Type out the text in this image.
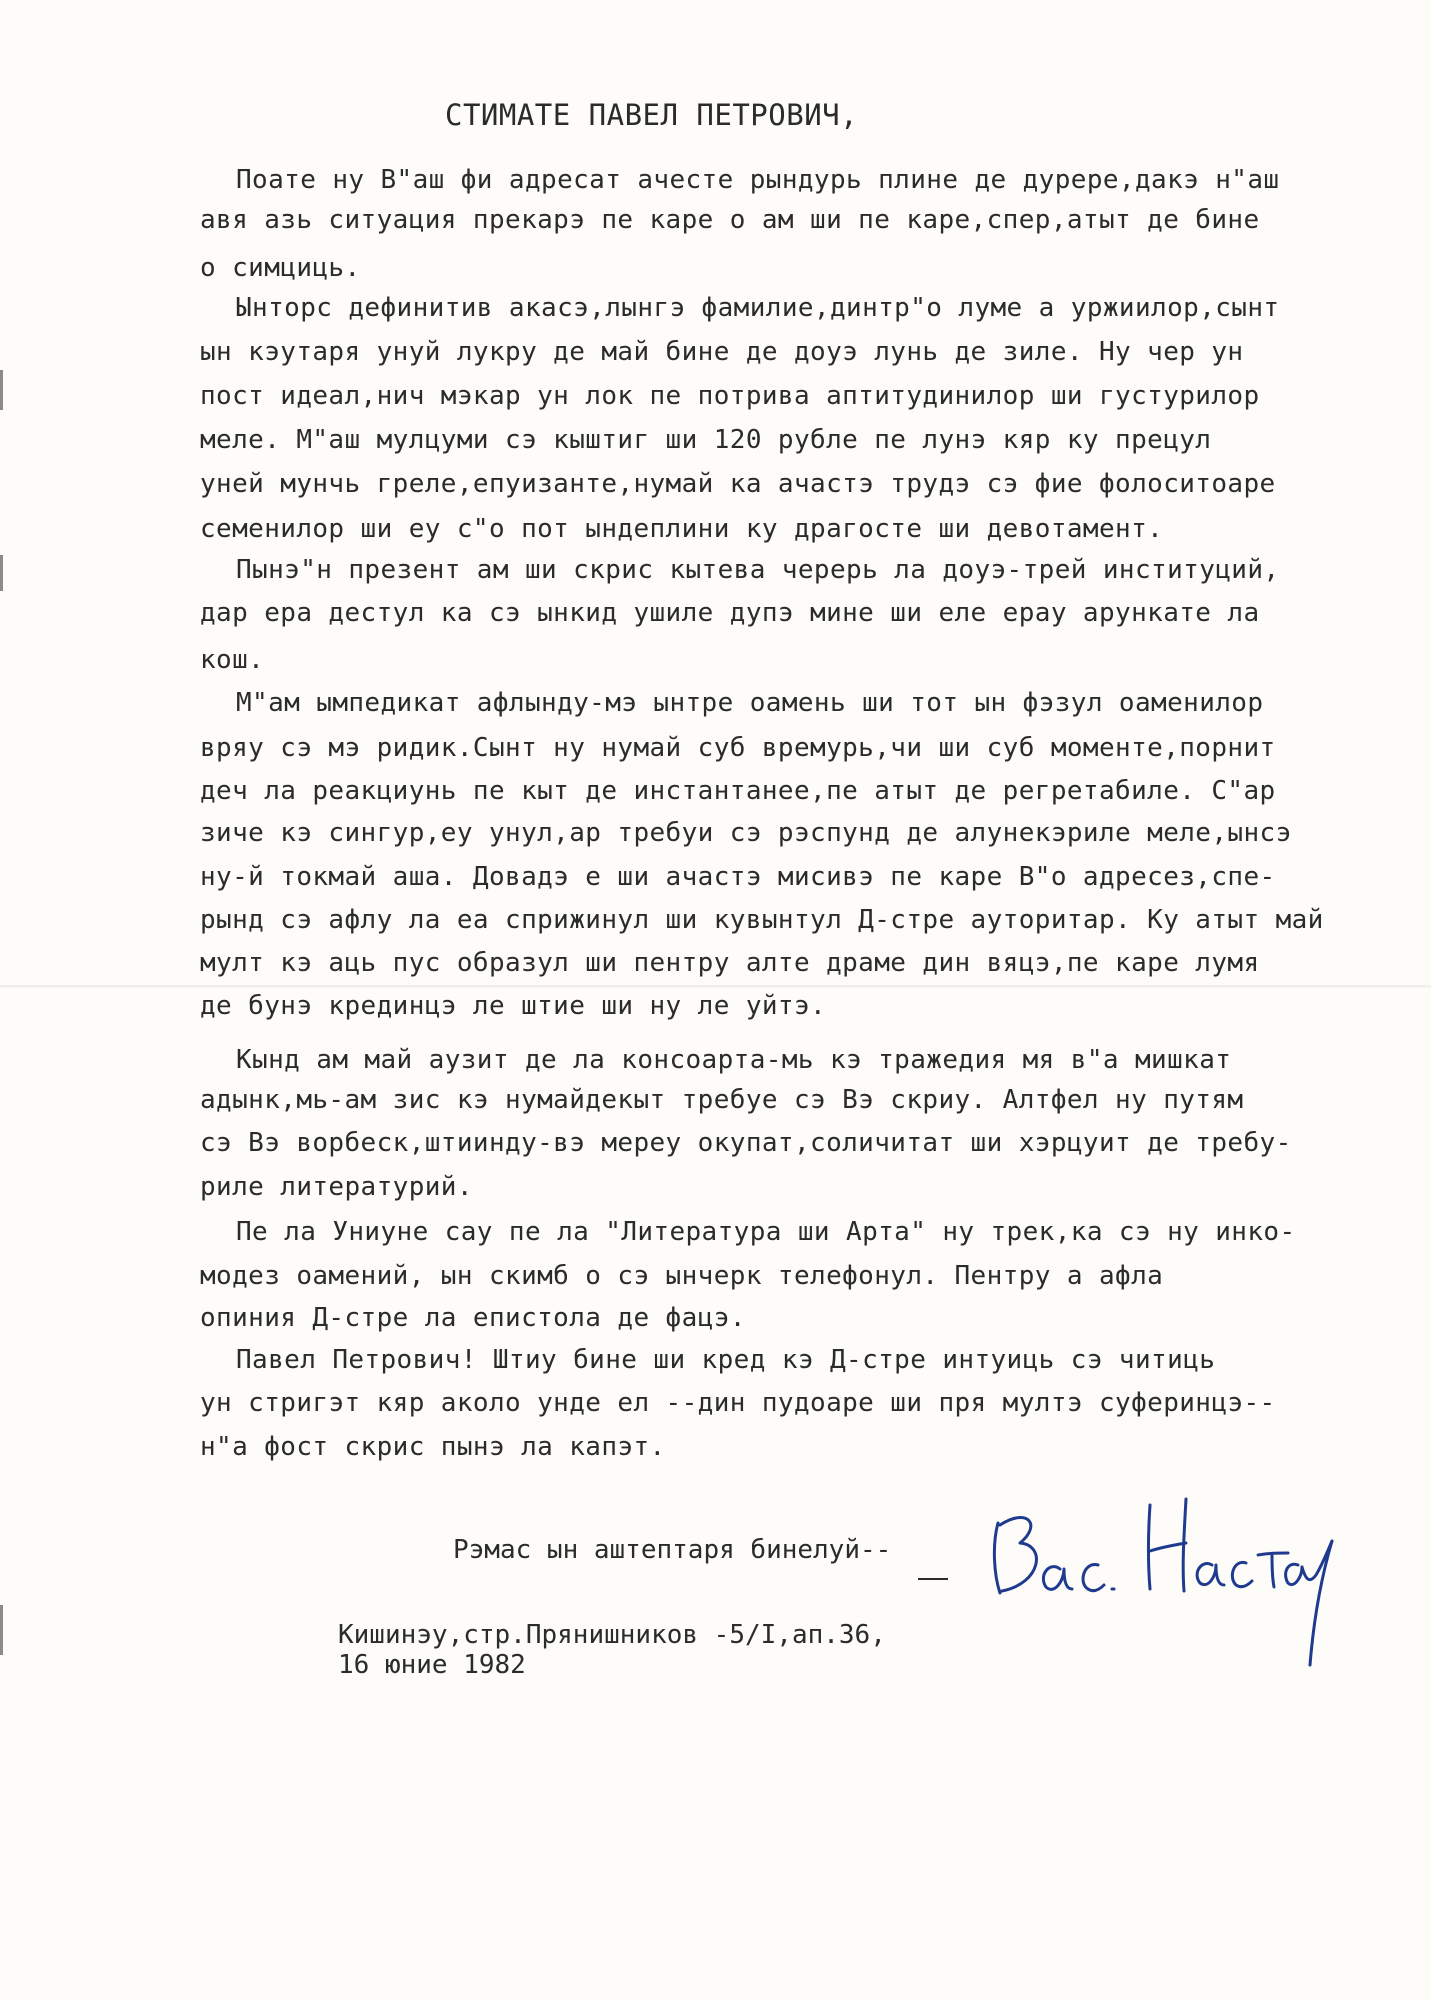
СТИМАТЕ ПАВЕЛ ПЕТРОВИЧ,
Поате ну В"аш фи адресат ачесте рындурь плине де дурере,дакэ н"аш
авя азь ситуация прекарэ пе каре о ам ши пе каре,спер,атыт де бине
о симциць.
Ынторс дефинитив акасэ,лынгэ фамилие,динтр"о луме а уржиилор,сынт
ын кэутаря унуй лукру де май бине де доуэ лунь де зиле. Ну чер ун
пост идеал,нич мэкар ун лок пе потрива аптитудинилор ши густурилор
меле. М"аш мулцуми сэ кыштиг ши 120 рубле пе лунэ кяр ку прецул
уней мунчь греле,епуизанте,нумай ка ачастэ трудэ сэ фие фолоситоаре
семенилор ши еу с"о пот ындеплини ку драгосте ши девотамент.
Пынэ"н презент ам ши скрис кытева черерь ла доуэ-трей институций,
дар ера дестул ка сэ ынкид ушиле дупэ мине ши еле ерау арункате ла
кош.
М"ам ымпедикат афлындy-мэ ынтре оамень ши тот ын фэзул оаменилор
вряу сэ мэ ридик.Сынт ну нумай суб времурь,чи ши суб моменте,порнит
деч ла реакциунь пе кыт де инстантанее,пе атыт де регретабиле. С"ар
зиче кэ сингур,еу унул,ар требуи сэ рэспунд де алунекэриле меле,ынсэ
ну-й токмай аша. Довадэ е ши ачастэ мисивэ пе каре В"о адресез,спе-
рынд сэ афлу ла еа сприжинул ши кувынтул Д-стре ауторитар. Ку атыт май
мулт кэ аць пус образул ши пентру алте драме дин вяцэ,пе каре лумя
де бунэ крединцэ ле штие ши ну ле уйтэ.
Кынд ам май аузит де ла консоарта-мь кэ тражедия мя в"а мишкат
адынк,мь-ам зис кэ нумайдекыт требуе сэ Вэ скриу. Алтфел ну путям
сэ Вэ ворбеск,штиинду-вэ мереу окупат,соличитат ши хэрцуит де требу-
риле литературий.
Пе ла Униуне сау пе ла "Литература ши Арта" ну трек,ка сэ ну инко-
модез оамений, ын скимб о сэ ынчерк телефонул. Пентру а афла
опиния Д-стре ла епистола де фацэ.
Павел Петрович! Штиу бине ши кред кэ Д-стре интуиць сэ читиць
ун стригэт кяр аколо унде ел --дин пудоаре ши пря мултэ суферинцэ--
н"а фост скрис пынэ ла капэт.
Рэмас ын аштептаря бинелуй--
Кишинэу,стр.Прянишников -5/I,ап.36,
16 юние 1982
